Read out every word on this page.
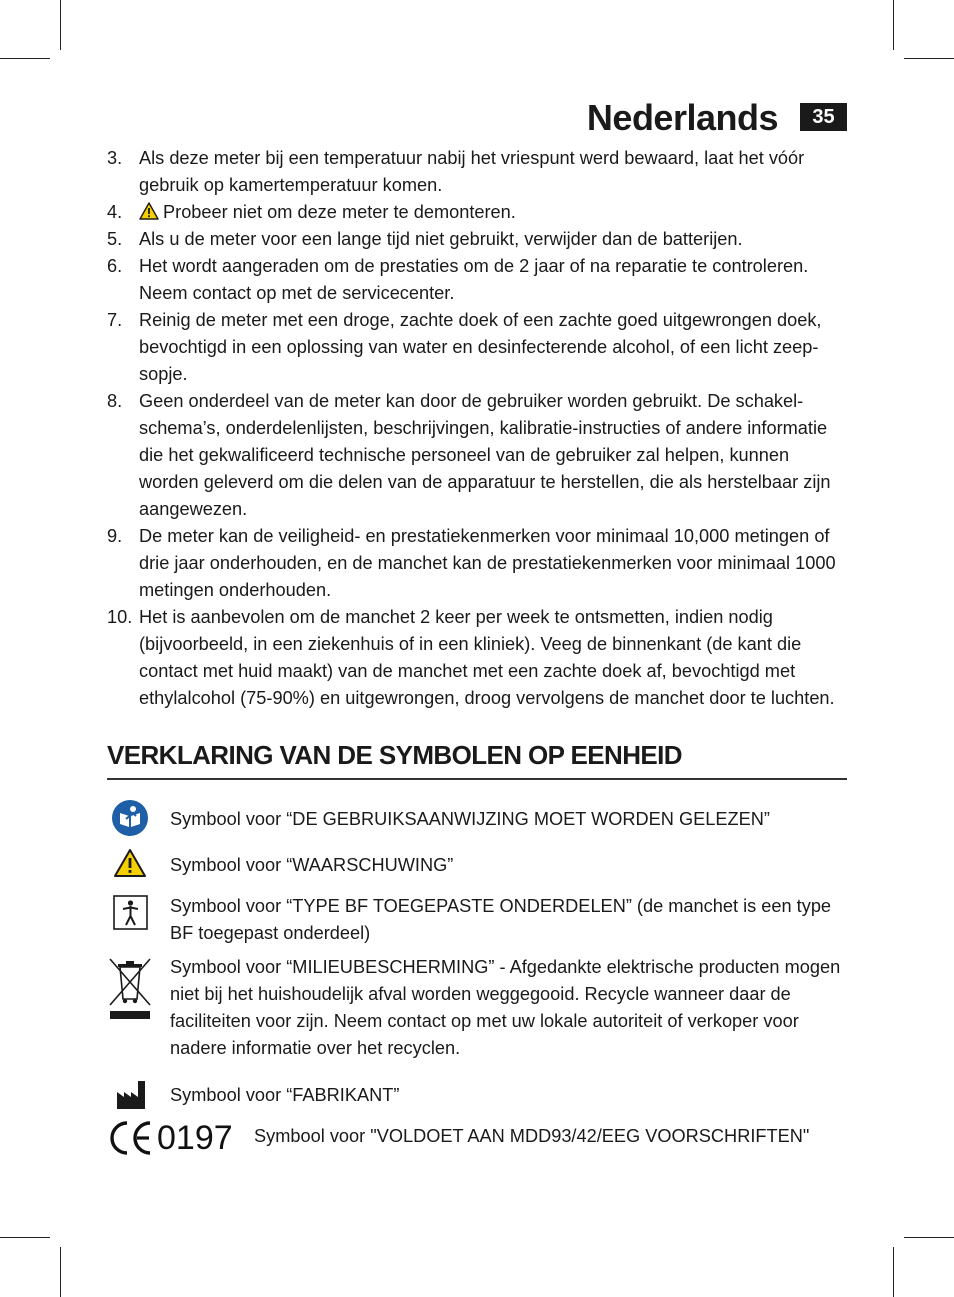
Nederlands	35
3. Als deze meter bij een temperatuur nabij het vriespunt werd bewaard, laat het vóór gebruik op kamertemperatuur komen.
4.	Probeer niet om deze meter te demonteren.
5. Als u de meter voor een lange tijd niet gebruikt, verwijder dan de batterijen.
6. Het wordt aangeraden om de prestaties om de 2 jaar of na reparatie te controleren. Neem contact op met de servicecenter.
7. Reinig de meter met een droge, zachte doek of een zachte goed uitgewrongen doek, bevochtigd in een oplossing van water en desinfecterende alcohol, of een licht zeep-sopje.
8. Geen onderdeel van de meter kan door de gebruiker worden gebruikt. De schakel-schema’s, onderdelenlijsten, beschrijvingen, kalibratie-instructies of andere informatie die het gekwalificeerd technische personeel van de gebruiker zal helpen, kunnen worden geleverd om die delen van de apparatuur te herstellen, die als herstelbaar zijn aangewezen.
9. De meter kan de veiligheid- en prestatiekenmerken voor minimaal 10,000 metingen of drie jaar onderhouden, en de manchet kan de prestatiekenmerken voor minimaal 1000 metingen onderhouden.
10. Het is aanbevolen om de manchet 2 keer per week te ontsmetten, indien nodig (bijvoorbeeld, in een ziekenhuis of in een kliniek). Veeg de binnenkant (de kant die contact met huid maakt) van de manchet met een zachte doek af, bevochtigd met ethylalcohol (75-90%) en uitgewrongen, droog vervolgens de manchet door te luchten.
VERKLARING VAN DE SYMBOLEN OP EENHEID
Symbool voor “DE GEBRUIKSAANWIJZING MOET WORDEN GELEZEN”
Symbool voor “WAARSCHUWING”
Symbool voor “TYPE BF TOEGEPASTE ONDERDELEN” (de manchet is een type BF toegepast onderdeel)
Symbool voor “MILIEUBESCHERMING” - Afgedankte elektrische producten mogen niet bij het huishoudelijk afval worden weggegooid. Recycle wanneer daar de faciliteiten voor zijn. Neem contact op met uw lokale autoriteit of verkoper voor nadere informatie over het recyclen.
Symbool voor “FABRIKANT”
0197 Symbool voor "VOLDOET AAN MDD93/42/EEG VOORSCHRIFTEN"
